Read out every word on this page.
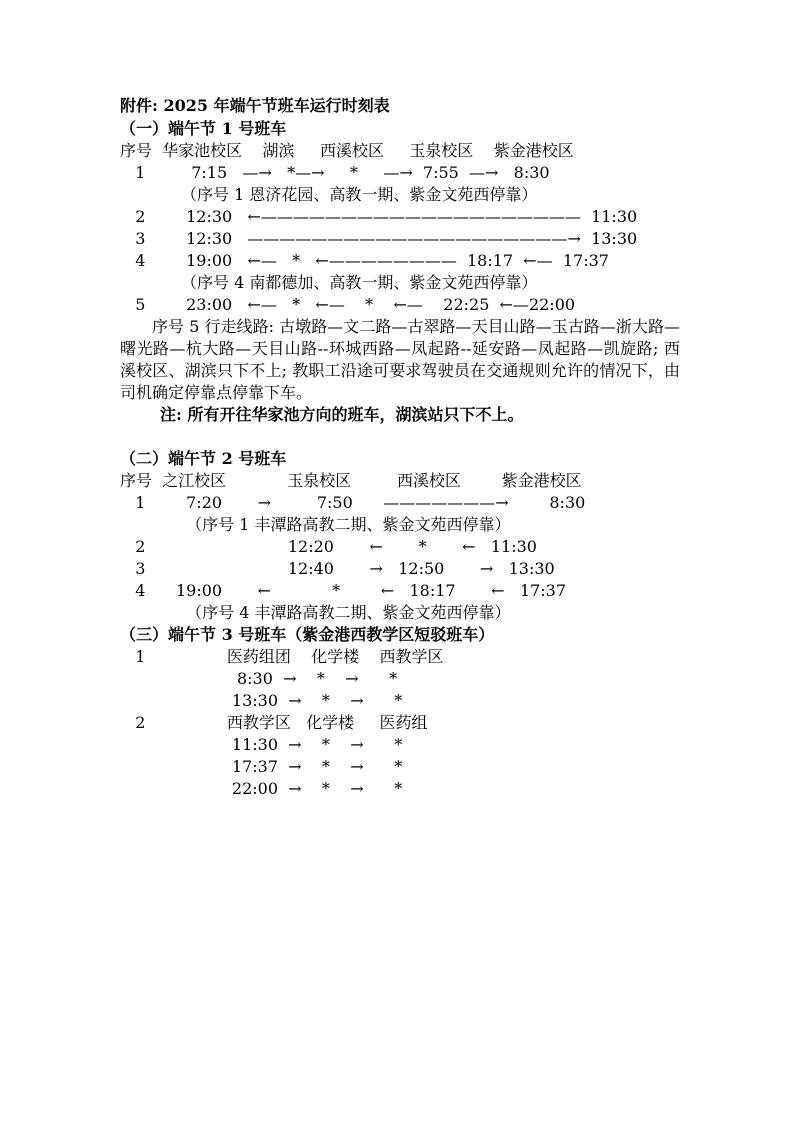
附件: 2025 年端午节班车运行时刻表
（一）端午节 1 号班车
序号  华家池校区    湖滨     西溪校区     玉泉校区    紫金港校区
1         7:15   —→   *—→     *     —→  7:55  —→   8:30
（序号 1 恩济花园、高教一期、紫金文苑西停靠）
2        12:30   ←————————————————————  11:30
3        12:30   ————————————————————→  13:30
4        19:00   ←—   *   ←————————  18:17  ←—  17:37
（序号 4 南都德加、高教一期、紫金文苑西停靠）
5        23:00   ←—   *   ←—    *    ←—    22:25  ←—22:00
序号 5 行走线路: 古墩路—文二路—古翠路—天目山路—玉古路—浙大路—曙光路—杭大路—天目山路--环城西路—凤起路--延安路—凤起路—凯旋路; 西溪校区、湖滨只下不上; 教职工沿途可要求驾驶员在交通规则允许的情况下，由司机确定停靠点停靠下车。
注: 所有开往华家池方向的班车，湖滨站只下不上。
（二）端午节 2 号班车
序号  之江校区            玉泉校区         西溪校区        紫金港校区
1        7:20       →         7:50      ———————→        8:30
（序号 1 丰潭路高教二期、紫金文苑西停靠）
2                            12:20       ←       *       ←   11:30
3                            12:40       →   12:50       →   13:30
4      19:00       ←            *        ←   18:17       ←   17:37
（序号 4 丰潭路高教二期、紫金文苑西停靠）
（三）端午节 3 号班车（紫金港西教学区短驳班车）
1                医药组团    化学楼    西教学区
8:30  →    *    →      *
13:30  →    *    →      *
2                西教学区   化学楼     医药组
11:30  →    *    →      *
17:37  →    *    →      *
22:00  →    *    →      *
